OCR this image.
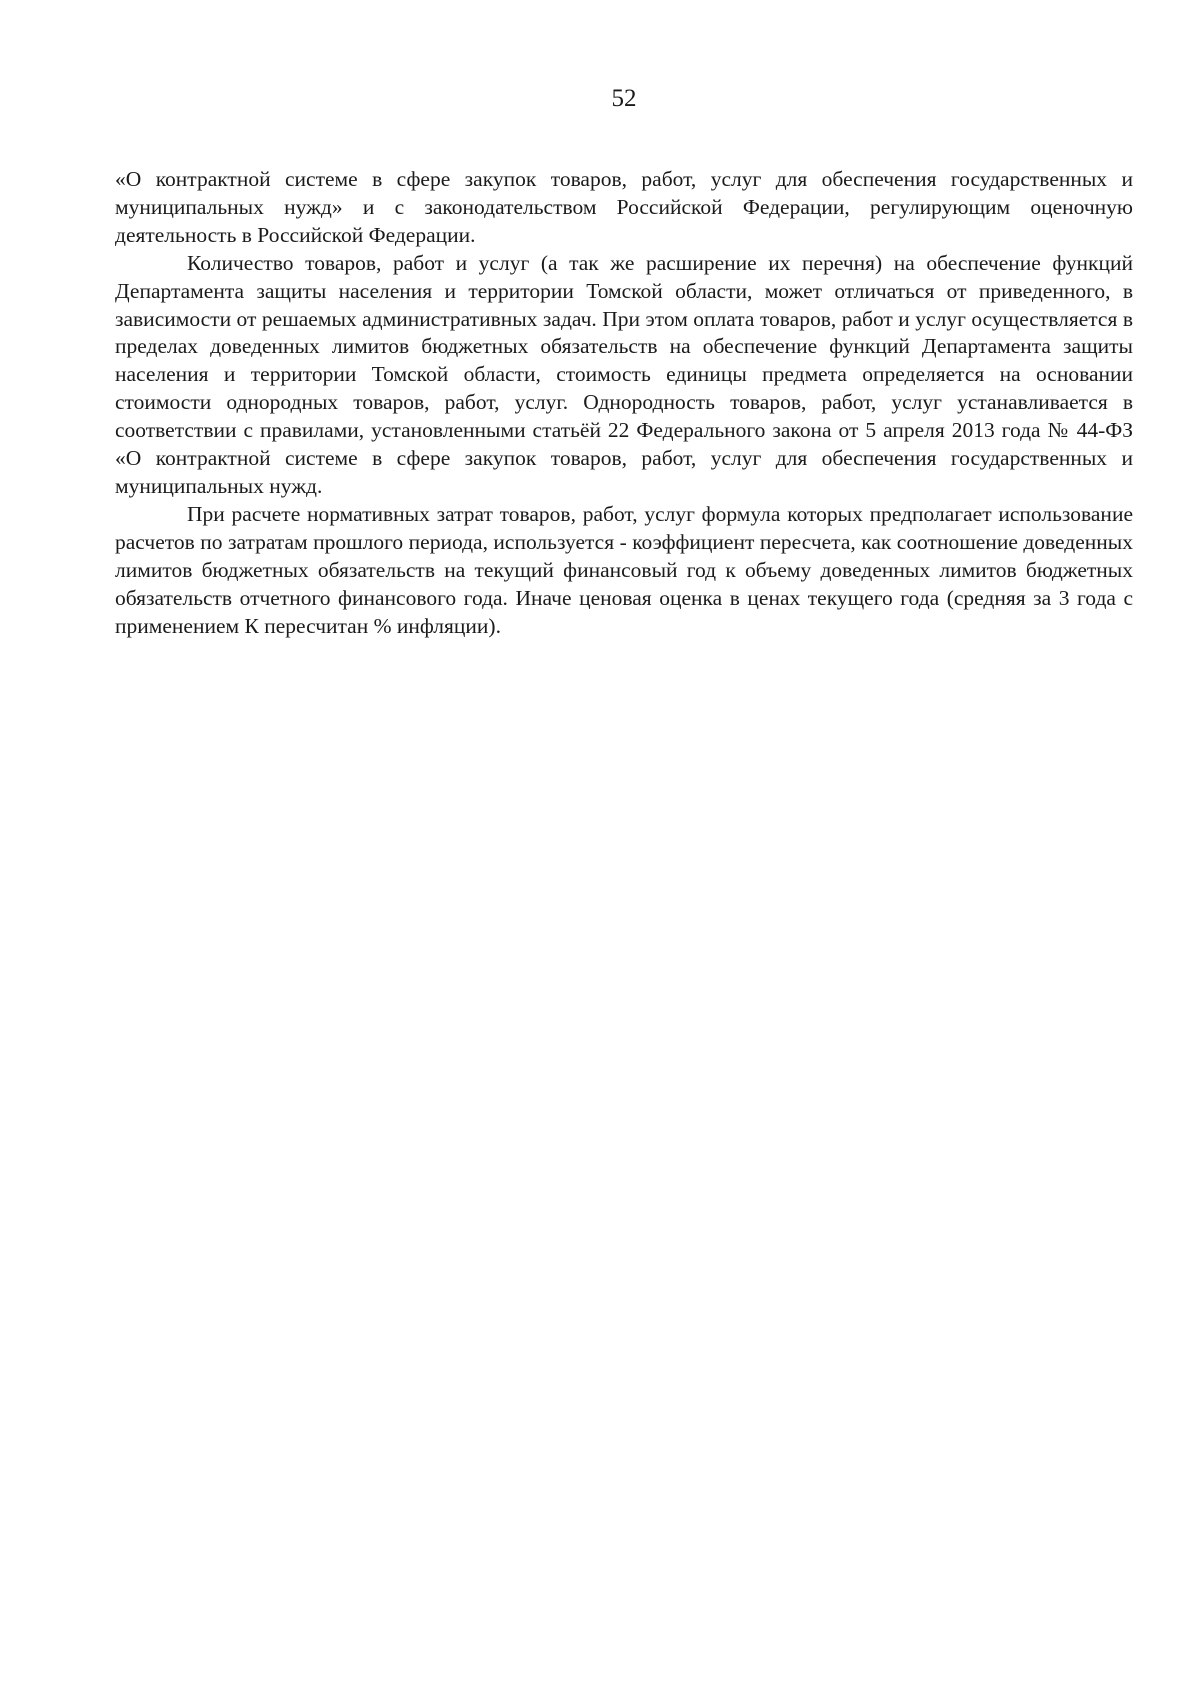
52

«О контрактной системе в сфере закупок товаров, работ, услуг для обеспечения государственных и муниципальных нужд» и с законодательством Российской Федерации, регулирующим оценочную деятельность в Российской Федерации.

Количество товаров, работ и услуг (а так же расширение их перечня) на обеспечение функций Департамента защиты населения и территории Томской области, может отличаться от приведенного, в зависимости от решаемых административных задач. При этом оплата товаров, работ и услуг осуществляется в пределах доведенных лимитов бюджетных обязательств на обеспечение функций Департамента защиты населения и территории Томской области, стоимость единицы предмета определяется на основании стоимости однородных товаров, работ, услуг. Однородность товаров, работ, услуг устанавливается в соответствии с правилами, установленными статьёй 22 Федерального закона от 5 апреля 2013 года № 44-ФЗ «О контрактной системе в сфере закупок товаров, работ, услуг для обеспечения государственных и муниципальных нужд.

При расчете нормативных затрат товаров, работ, услуг формула которых предполагает использование расчетов по затратам прошлого периода, используется - коэффициент пересчета, как соотношение доведенных лимитов бюджетных обязательств на текущий финансовый год к объему доведенных лимитов бюджетных обязательств отчетного финансового года. Иначе ценовая оценка в ценах текущего года (средняя за 3 года с применением К пересчитан % инфляции).
